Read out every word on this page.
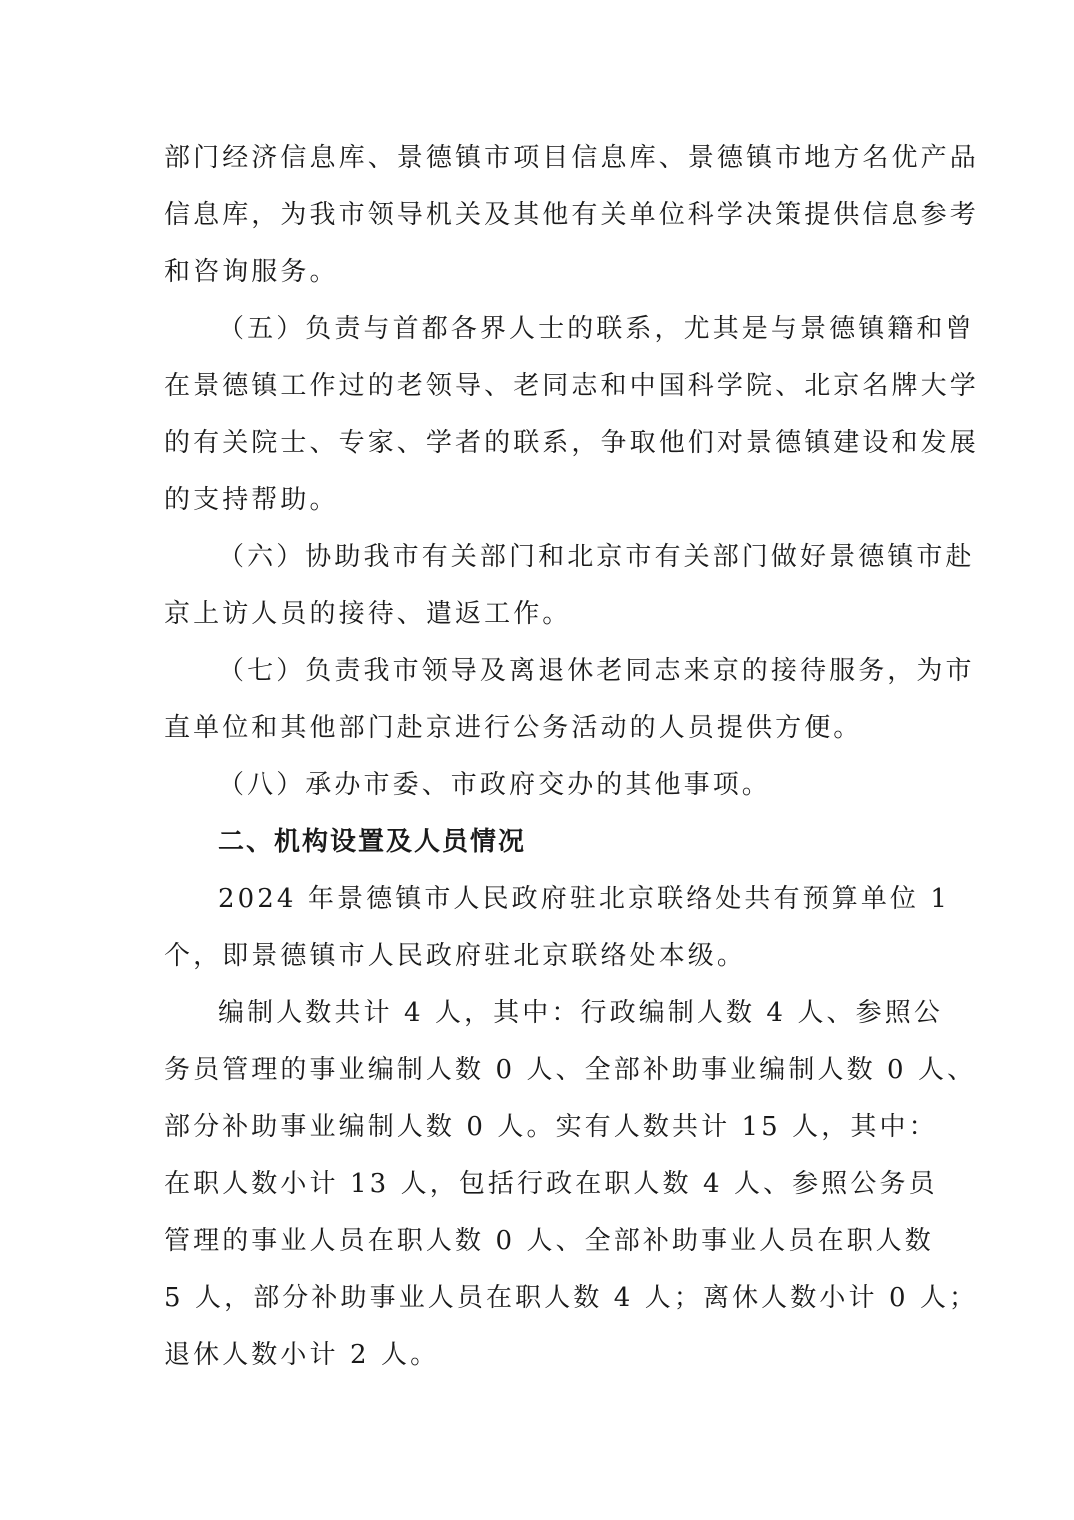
部门经济信息库、景德镇市项目信息库、景德镇市地方名优产品
信息库，为我市领导机关及其他有关单位科学决策提供信息参考
和咨询服务。
（五）负责与首都各界人士的联系，尤其是与景德镇籍和曾
在景德镇工作过的老领导、老同志和中国科学院、北京名牌大学
的有关院士、专家、学者的联系，争取他们对景德镇建设和发展
的支持帮助。
（六）协助我市有关部门和北京市有关部门做好景德镇市赴
京上访人员的接待、遣返工作。
（七）负责我市领导及离退休老同志来京的接待服务，为市
直单位和其他部门赴京进行公务活动的人员提供方便。
（八）承办市委、市政府交办的其他事项。
二、机构设置及人员情况
2024 年景德镇市人民政府驻北京联络处共有预算单位 1
个，即景德镇市人民政府驻北京联络处本级。
编制人数共计 4 人，其中：行政编制人数 4 人、参照公
务员管理的事业编制人数 0 人、全部补助事业编制人数 0 人、
部分补助事业编制人数 0 人。实有人数共计 15 人，其中：
在职人数小计 13 人，包括行政在职人数 4 人、参照公务员
管理的事业人员在职人数 0 人、全部补助事业人员在职人数
5 人，部分补助事业人员在职人数 4 人；离休人数小计 0 人；
退休人数小计 2 人。
